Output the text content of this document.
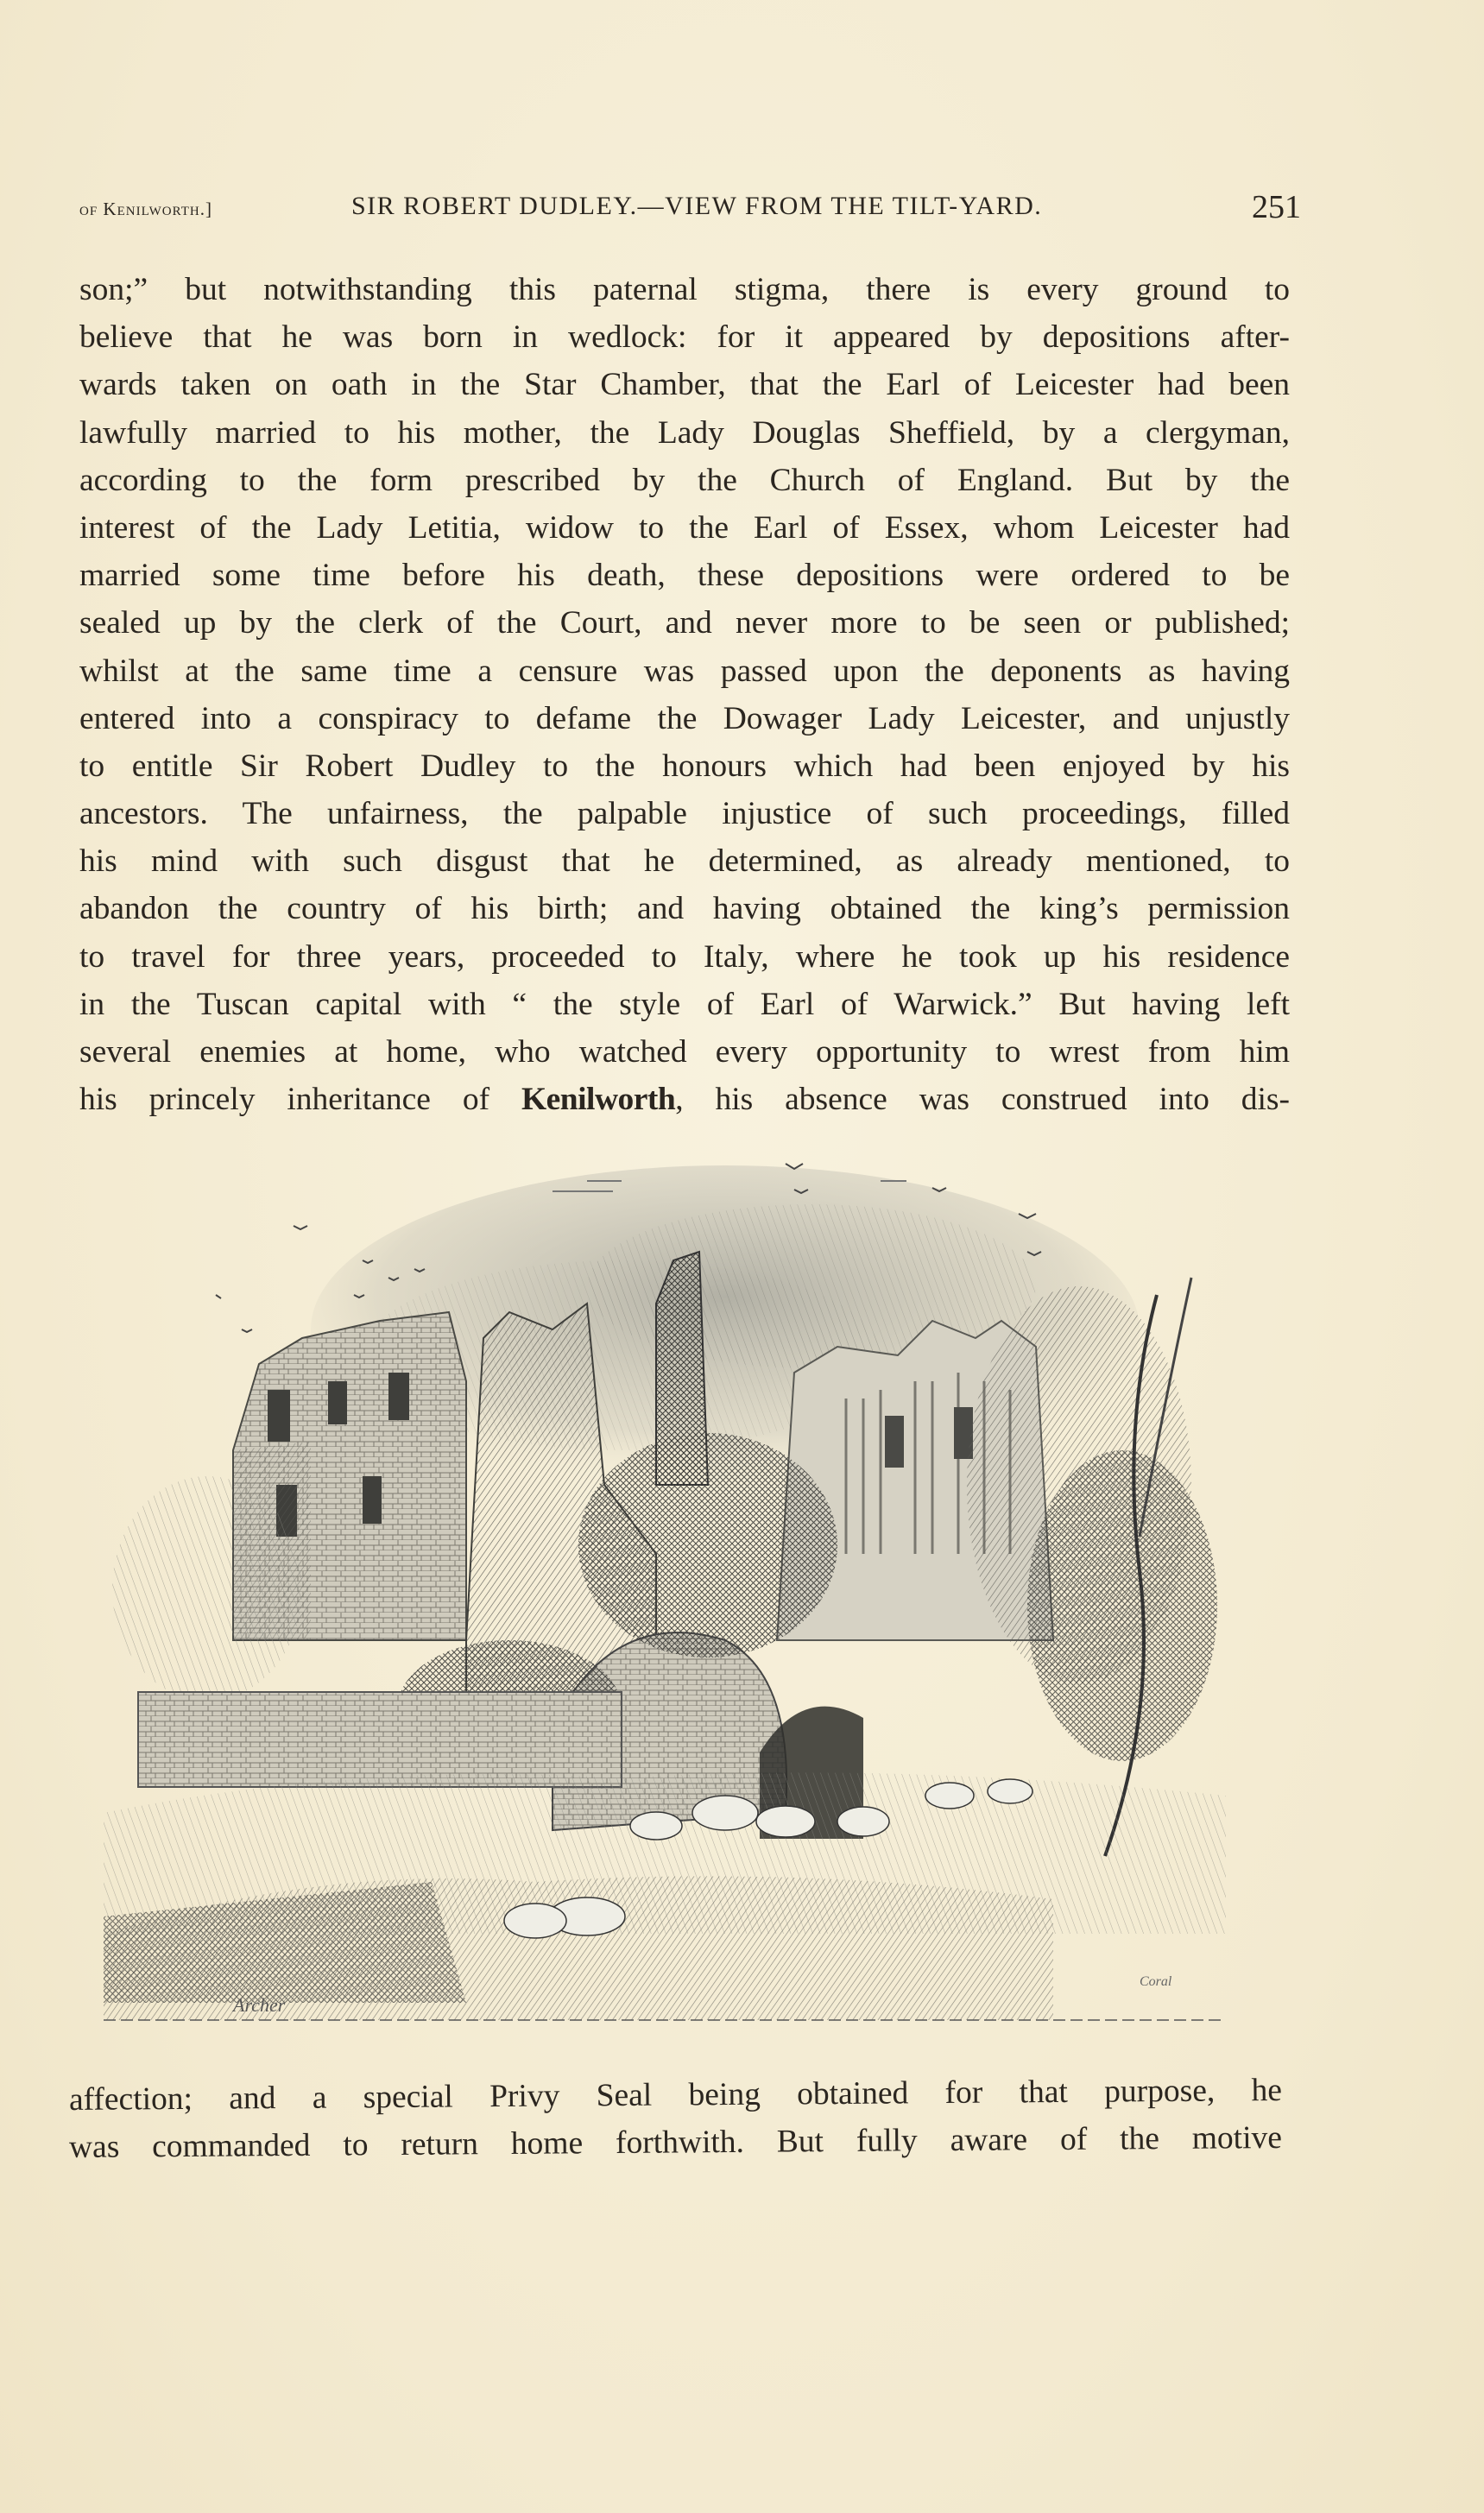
of Kenilworth.]	SIR ROBERT DUDLEY.—VIEW FROM THE TILT-YARD.	251
son;” but notwithstanding this paternal stigma, there is every ground to
believe that he was born in wedlock: for it appeared by depositions after-
wards taken on oath in the Star Chamber, that the Earl of Leicester had been
lawfully married to his mother, the Lady Douglas Sheffield, by a clergyman,
according to the form prescribed by the Church of England. But by the
interest of the Lady Letitia, widow to the Earl of Essex, whom Leicester had
married some time before his death, these depositions were ordered to be
sealed up by the clerk of the Court, and never more to be seen or published;
whilst at the same time a censure was passed upon the deponents as having
entered into a conspiracy to defame the Dowager Lady Leicester, and unjustly
to entitle Sir Robert Dudley to the honours which had been enjoyed by his
ancestors. The unfairness, the palpable injustice of such proceedings, filled
his mind with such disgust that he determined, as already mentioned, to
abandon the country of his birth; and having obtained the king’s permission
to travel for three years, proceeded to Italy, where he took up his residence
in the Tuscan capital with “ the style of Earl of Warwick.” But having left
several enemies at home, who watched every opportunity to wrest from him
his princely inheritance of Kenilworth, his absence was construed into dis-
Archer
Coral
affection; and a special Privy Seal being obtained for that purpose, he
was commanded to return home forthwith. But fully aware of the motive
